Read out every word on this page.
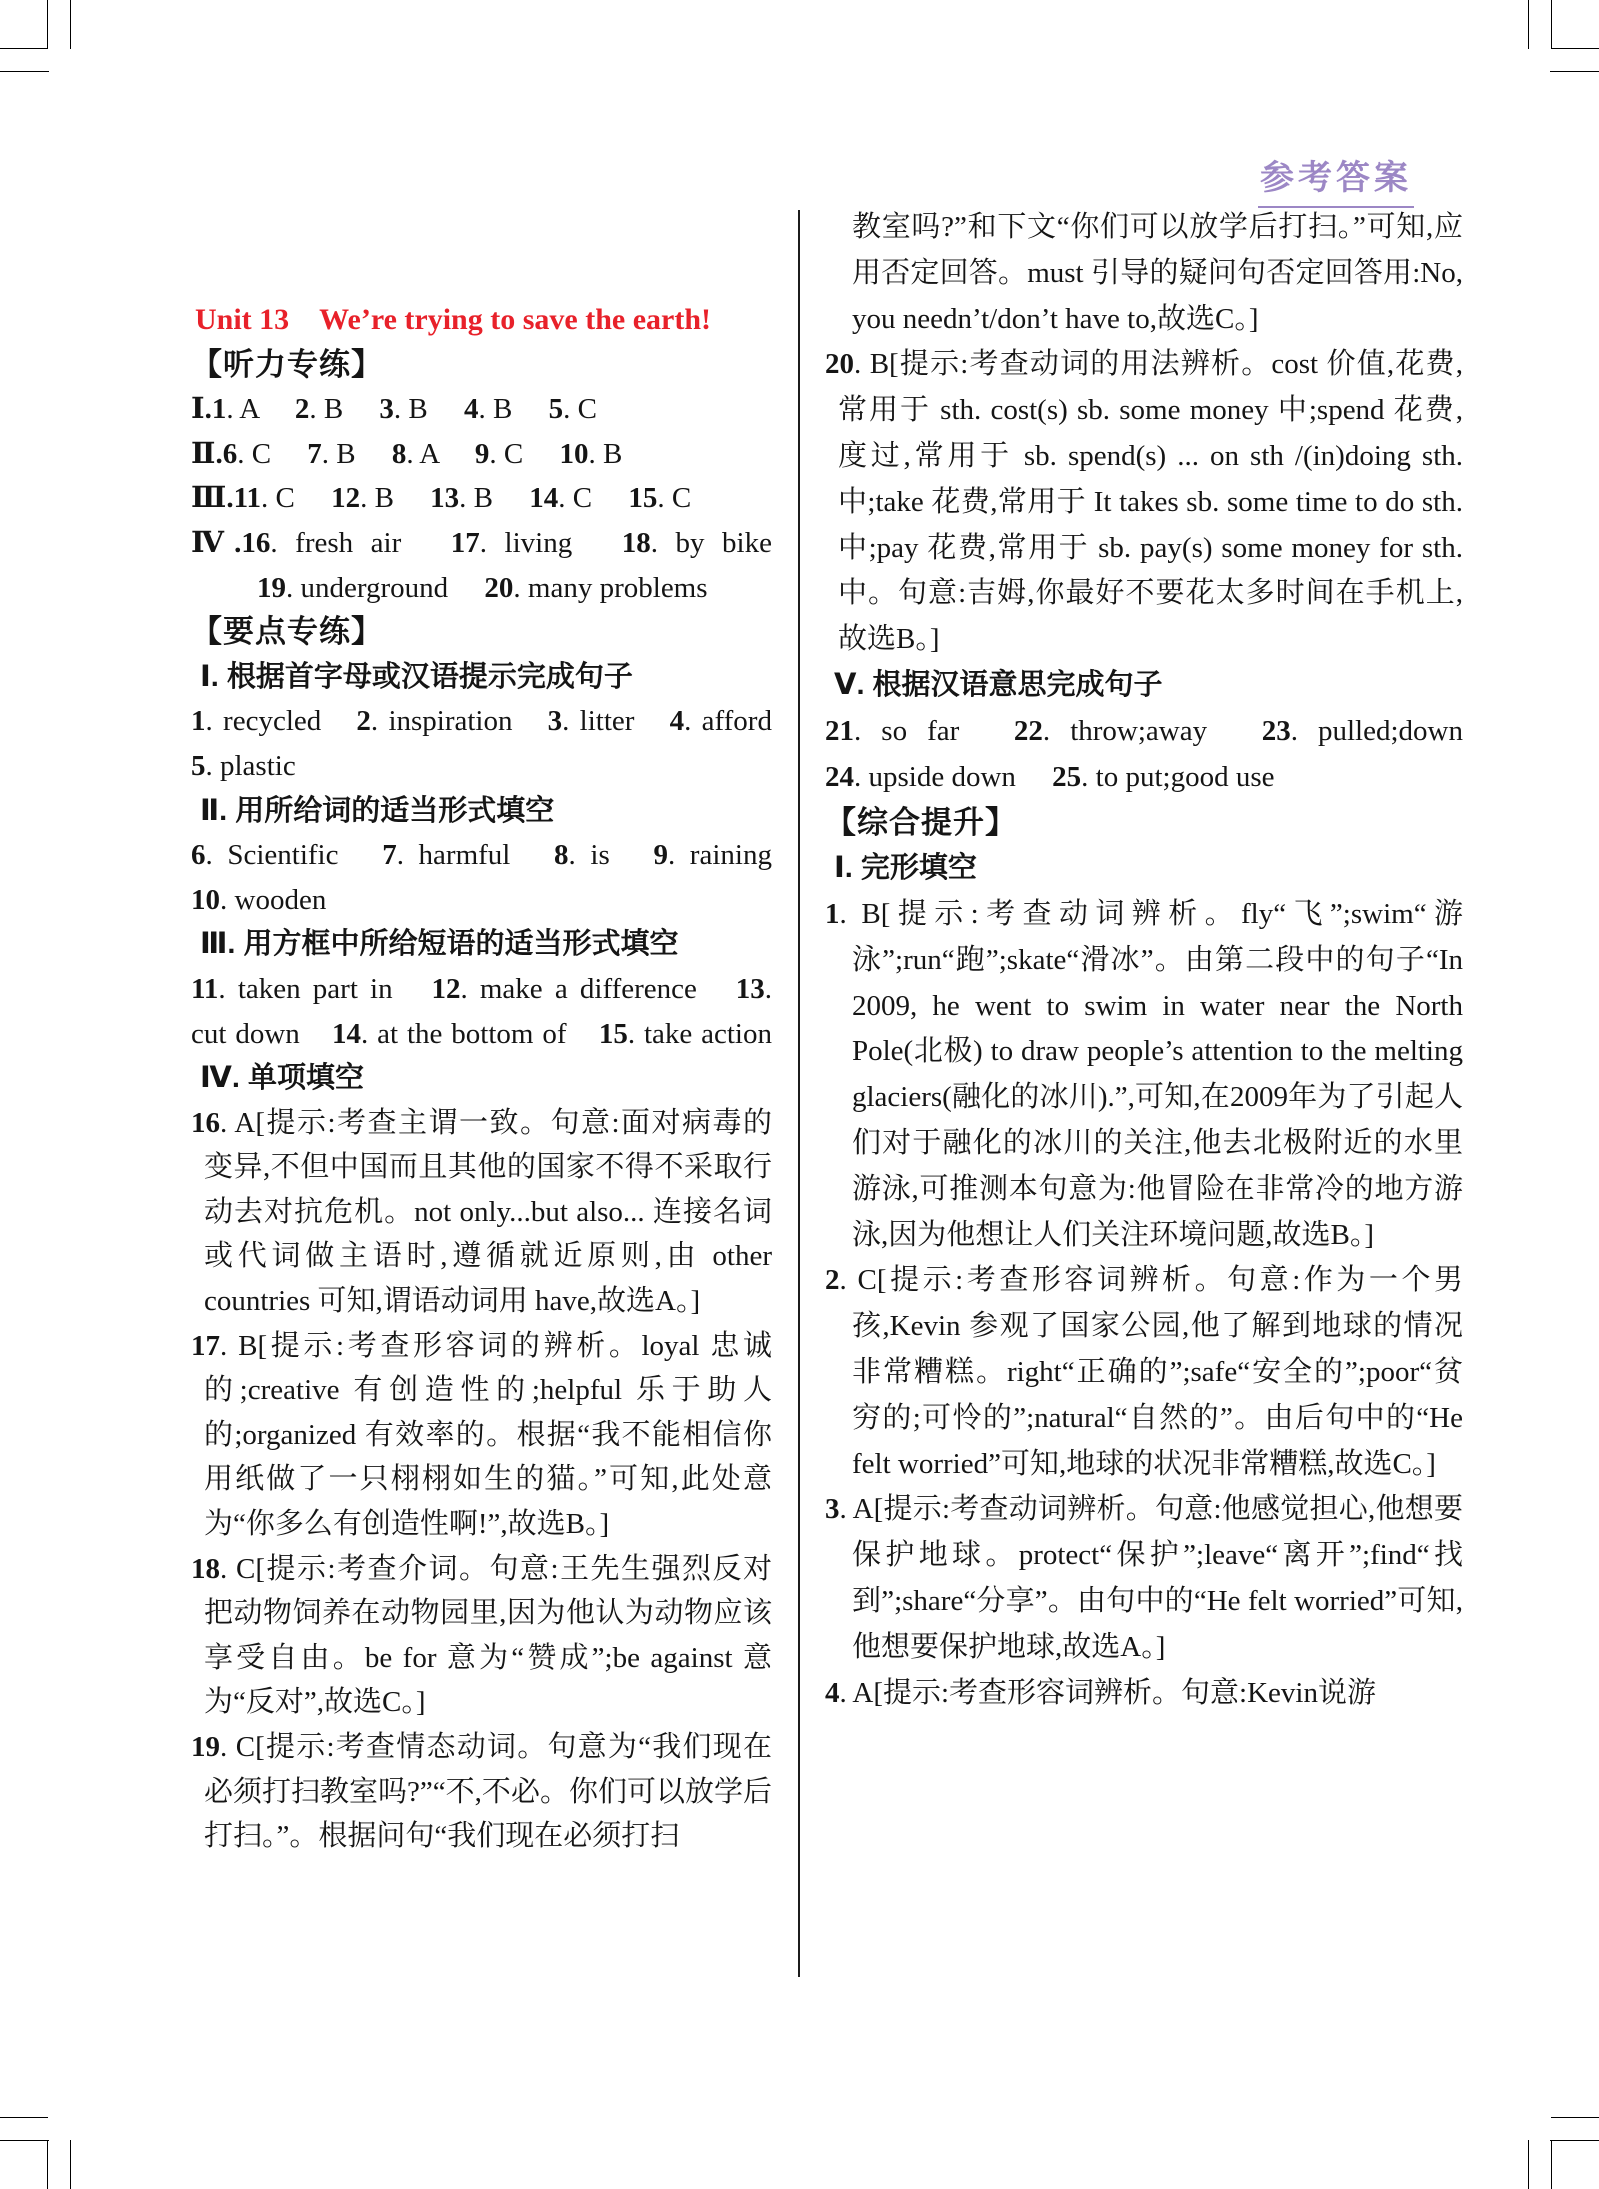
参考答案
Unit 13　We’re trying to save the earth!
【听力专练】
Ⅰ.1. A　 2. B　 3. B　 4. B　 5. C
Ⅱ.6. C　 7. B　 8. A　 9. C　 10. B
Ⅲ.11. C　 12. B　 13. B　 14. C　 15. C
Ⅳ.16. fresh air　 17. living　 18. by bike
19. underground　 20. many problems
【要点专练】
Ⅰ. 根据首字母或汉语提示完成句子
1. recycled　 2. inspiration　 3. litter　 4. afford
5. plastic
Ⅱ. 用所给词的适当形式填空
6. Scientific　 7. harmful　 8. is　 9. raining
10. wooden
Ⅲ. 用方框中所给短语的适当形式填空
11. taken part in　 12. make a difference　 13.
cut down　 14. at the bottom of　 15. take action
Ⅳ. 单项填空
16. A[提示:考查主谓一致。句意:面对病毒的变异,不但中国而且其他的国家不得不采取行动去对抗危机。not only...but also... 连接名词或代词做主语时,遵循就近原则,由 other countries 可知,谓语动词用 have,故选A。]
17. B[提示:考查形容词的辨析。loyal 忠诚的;creative 有创造性的;helpful 乐于助人的;organized 有效率的。根据“我不能相信你用纸做了一只栩栩如生的猫。”可知,此处意为“你多么有创造性啊!”,故选B。]
18. C[提示:考查介词。句意:王先生强烈反对把动物饲养在动物园里,因为他认为动物应该享受自由。be for 意为“赞成”;be against 意为“反对”,故选C。]
19. C[提示:考查情态动词。句意为“我们现在必须打扫教室吗?”“不,不必。你们可以放学后打扫。”。根据问句“我们现在必须打扫
教室吗?”和下文“你们可以放学后打扫。”可知,应用否定回答。must 引导的疑问句否定回答用:No, you needn’t/don’t have to,故选C。]
20. B[提示:考查动词的用法辨析。cost 价值,花费,常用于 sth. cost(s) sb. some money 中;spend 花费,度过,常用于 sb. spend(s) ... on sth /(in)doing sth. 中;take 花费,常用于 It takes sb. some time to do sth. 中;pay 花费,常用于 sb. pay(s) some money for sth. 中。句意:吉姆,你最好不要花太多时间在手机上,故选B。]
Ⅴ. 根据汉语意思完成句子
21. so far　 22. throw;away　 23. pulled;down
24. upside down　 25. to put;good use
【综合提升】
Ⅰ. 完形填空
1. B[提示:考查动词辨析。fly“飞”;swim“游泳”;run“跑”;skate“滑冰”。由第二段中的句子“In 2009, he went to swim in water near the North Pole(北极) to draw people’s attention to the melting glaciers(融化的冰川).”,可知,在2009年为了引起人们对于融化的冰川的关注,他去北极附近的水里游泳,可推测本句意为:他冒险在非常冷的地方游泳,因为他想让人们关注环境问题,故选B。]
2. C[提示:考查形容词辨析。句意:作为一个男孩,Kevin 参观了国家公园,他了解到地球的情况非常糟糕。right“正确的”;safe“安全的”;poor“贫穷的;可怜的”;natural“自然的”。由后句中的“He felt worried”可知,地球的状况非常糟糕,故选C。]
3. A[提示:考查动词辨析。句意:他感觉担心,他想要保护地球。protect“保护”;leave“离开”;find“找到”;share“分享”。由句中的“He felt worried”可知,他想要保护地球,故选A。]
4. A[提示:考查形容词辨析。句意:Kevin说游
